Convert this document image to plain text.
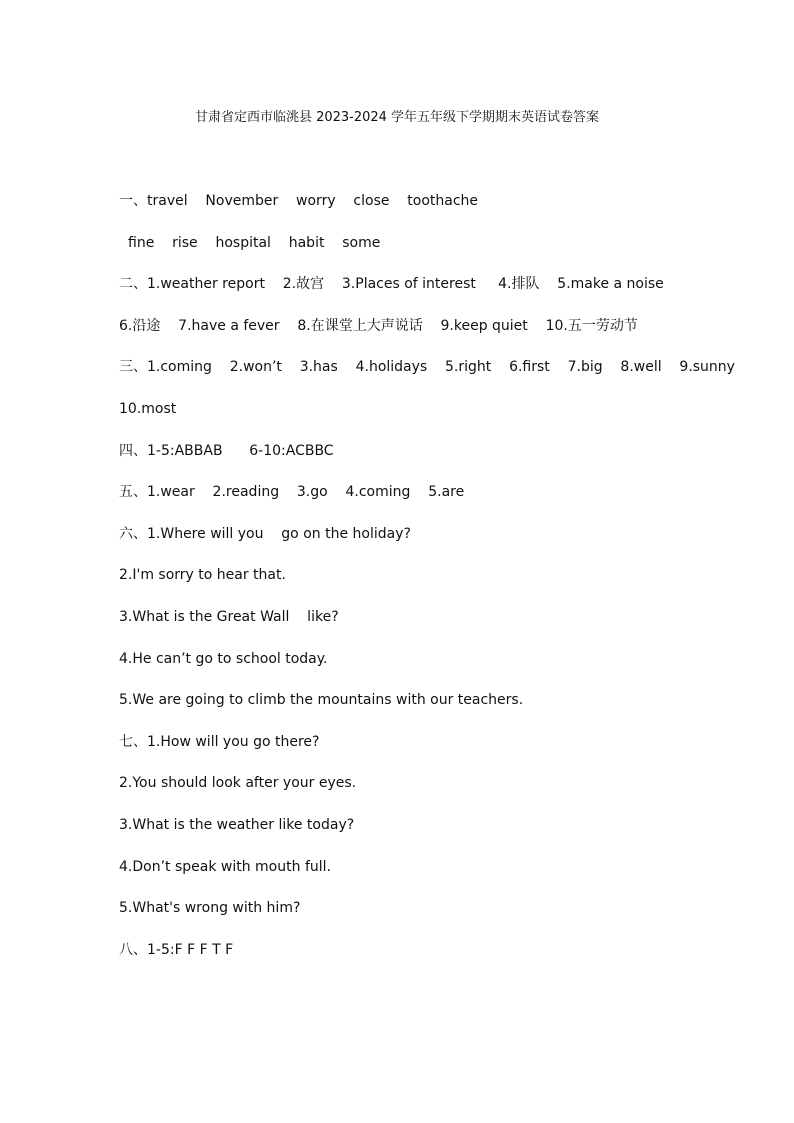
甘肃省定西市临洮县 2023-2024 学年五年级下学期期末英语试卷答案
一、travel    November    worry    close    toothache
fine    rise    hospital    habit    some
二、1.weather report    2.故宫    3.Places of interest     4.排队    5.make a noise
6.沿途    7.have a fever    8.在课堂上大声说话    9.keep quiet    10.五一劳动节
三、1.coming    2.won’t    3.has    4.holidays    5.right    6.first    7.big    8.well    9.sunny
10.most
四、1-5:ABBAB      6-10:ACBBC
五、1.wear    2.reading    3.go    4.coming    5.are
六、1.Where will you    go on the holiday?
2.I'm sorry to hear that.
3.What is the Great Wall    like?
4.He can’t go to school today.
5.We are going to climb the mountains with our teachers.
七、1.How will you go there?
2.You should look after your eyes.
3.What is the weather like today?
4.Don’t speak with mouth full.
5.What's wrong with him?
八、1-5:F F F T F
